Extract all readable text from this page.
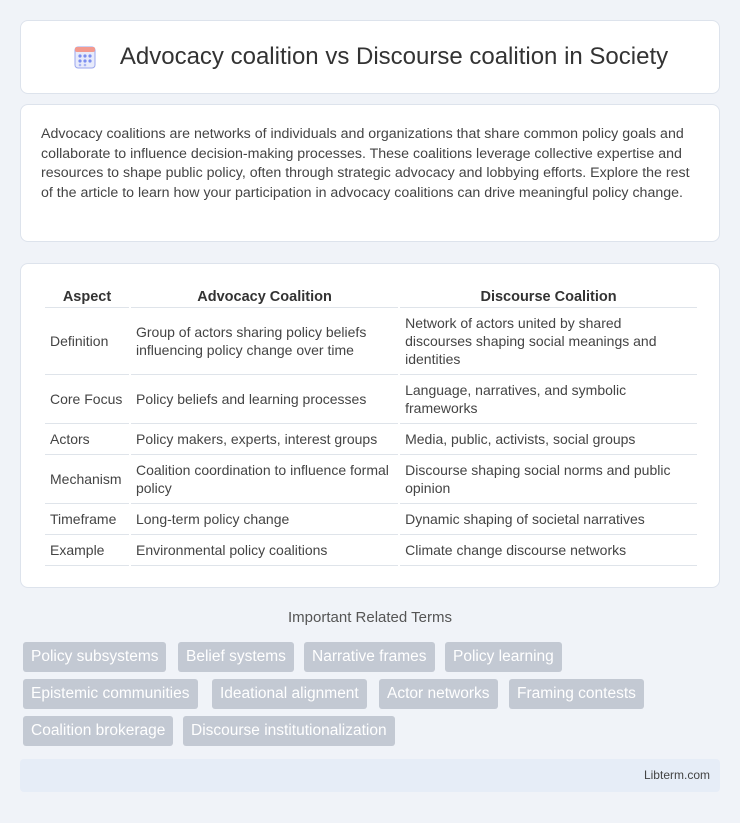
Advocacy coalition vs Discourse coalition in Society

Advocacy coalitions are networks of individuals and organizations that share common policy goals and collaborate to influence decision-making processes. These coalitions leverage collective expertise and resources to shape public policy, often through strategic advocacy and lobbying efforts. Explore the rest of the article to learn how your participation in advocacy coalitions can drive meaningful policy change.

Aspect	Advocacy Coalition	Discourse Coalition
Definition	Group of actors sharing policy beliefs influencing policy change over time	Network of actors united by shared discourses shaping social meanings and identities
Core Focus	Policy beliefs and learning processes	Language, narratives, and symbolic frameworks
Actors	Policy makers, experts, interest groups	Media, public, activists, social groups
Mechanism	Coalition coordination to influence formal policy	Discourse shaping social norms and public opinion
Timeframe	Long-term policy change	Dynamic shaping of societal narratives
Example	Environmental policy coalitions	Climate change discourse networks
Important Related Terms
Policy subsystems	Belief systems	Narrative frames	Policy learning
Epistemic communities	Ideational alignment	Actor networks	Framing contests
Coalition brokerage	Discourse institutionalization
Libterm.com
